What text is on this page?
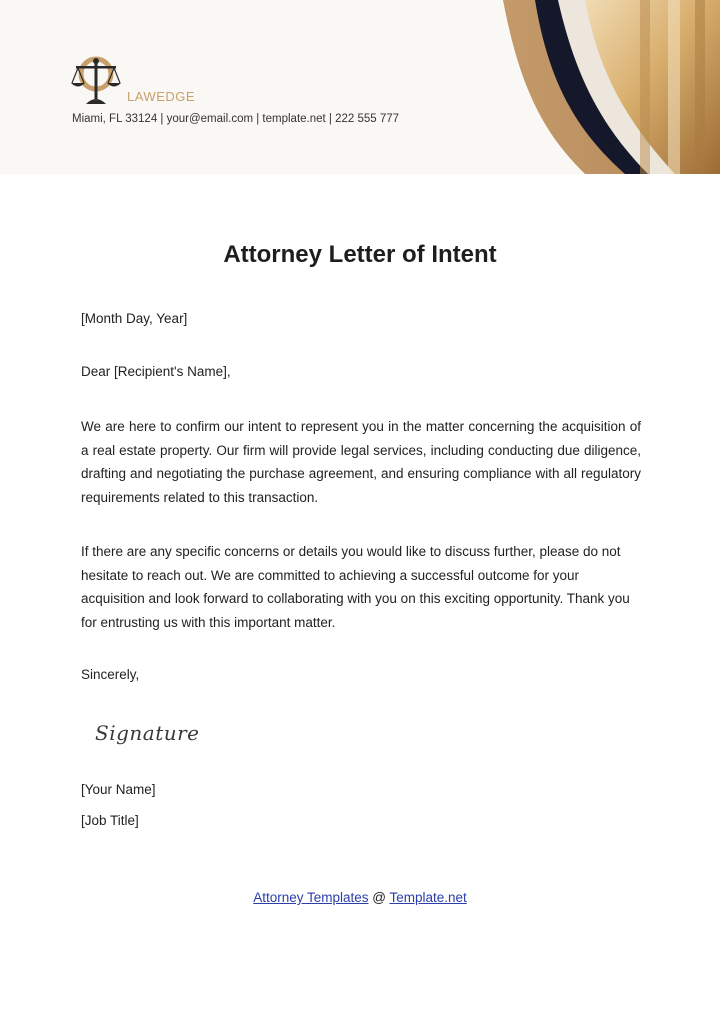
LAWEDGE
Miami, FL 33124 | your@email.com | template.net | 222 555 777
Attorney Letter of Intent
[Month Day, Year]
Dear [Recipient's Name],

We are here to confirm our intent to represent you in the matter concerning the acquisition of a real estate property. Our firm will provide legal services, including conducting due diligence, drafting and negotiating the purchase agreement, and ensuring compliance with all regulatory requirements related to this transaction.

If there are any specific concerns or details you would like to discuss further, please do not hesitate to reach out. We are committed to achieving a successful outcome for your acquisition and look forward to collaborating with you on this exciting opportunity. Thank you for entrusting us with this important matter.

Sincerely,
Signature
[Your Name]
[Job Title]
Attorney Templates @ Template.net
